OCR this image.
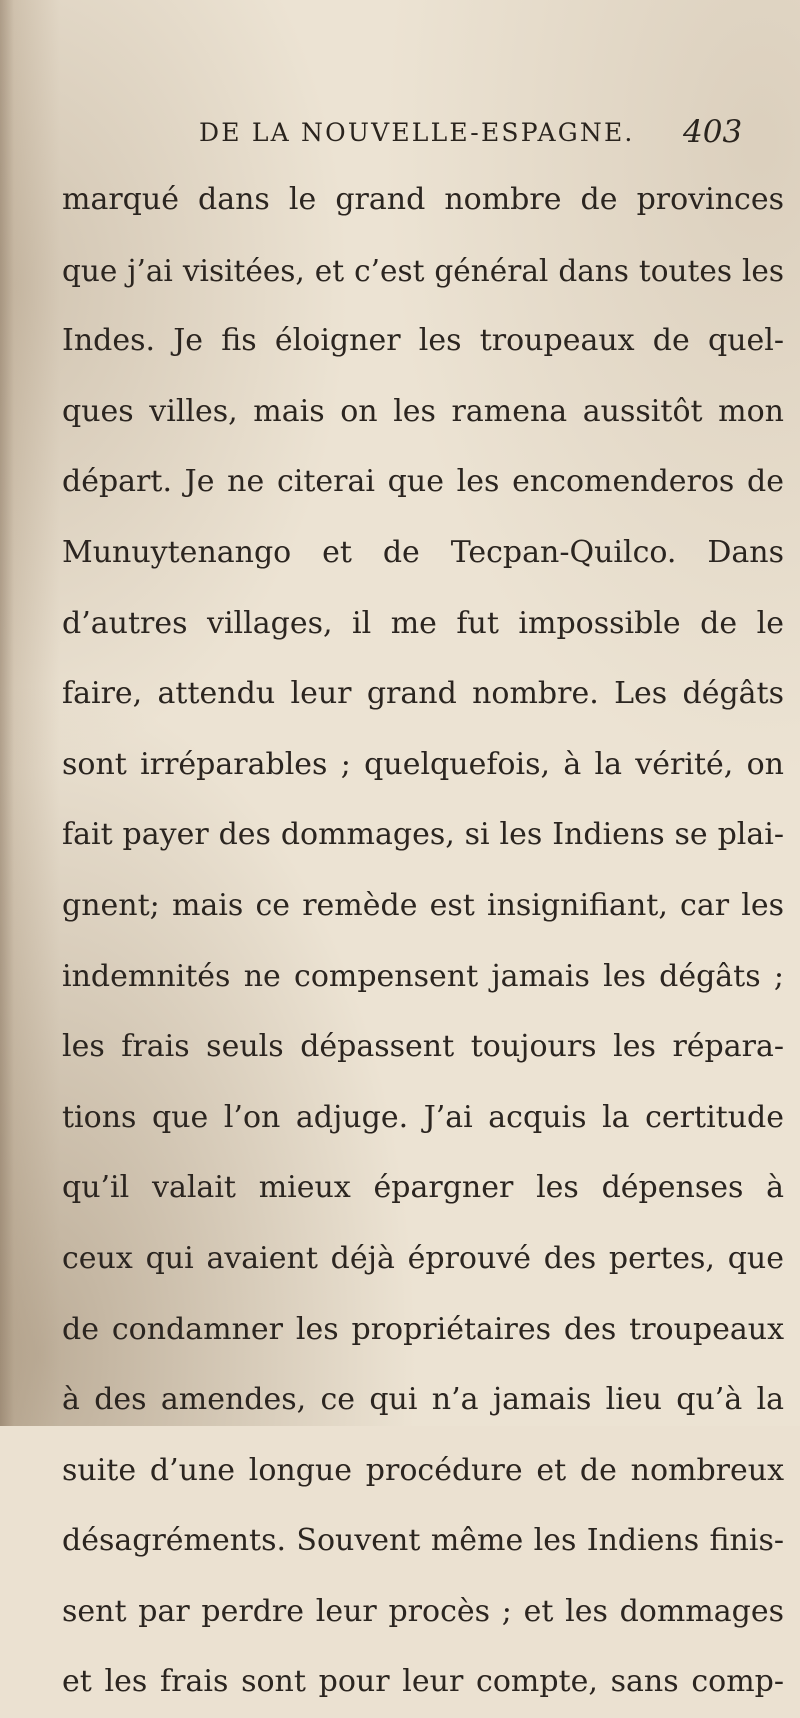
DE LA NOUVELLE-ESPAGNE. 403
marqué dans le grand nombre de provinces
que j’ai visitées, et c’est général dans toutes les
Indes. Je fis éloigner les troupeaux de quel-
ques villes, mais on les ramena aussitôt mon
départ. Je ne citerai que les encomenderos de
Munuytenango et de Tecpan-Quilco. Dans
d’autres villages, il me fut impossible de le
faire, attendu leur grand nombre. Les dégâts
sont irréparables ; quelquefois, à la vérité, on
fait payer des dommages, si les Indiens se plai-
gnent; mais ce remède est insignifiant, car les
indemnités ne compensent jamais les dégâts ;
les frais seuls dépassent toujours les répara-
tions que l’on adjuge. J’ai acquis la certitude
qu’il valait mieux épargner les dépenses à
ceux qui avaient déjà éprouvé des pertes, que
de condamner les propriétaires des troupeaux
à des amendes, ce qui n’a jamais lieu qu’à la
suite d’une longue procédure et de nombreux
désagréments. Souvent même les Indiens finis-
sent par perdre leur procès ; et les dommages
et les frais sont pour leur compte, sans comp-
